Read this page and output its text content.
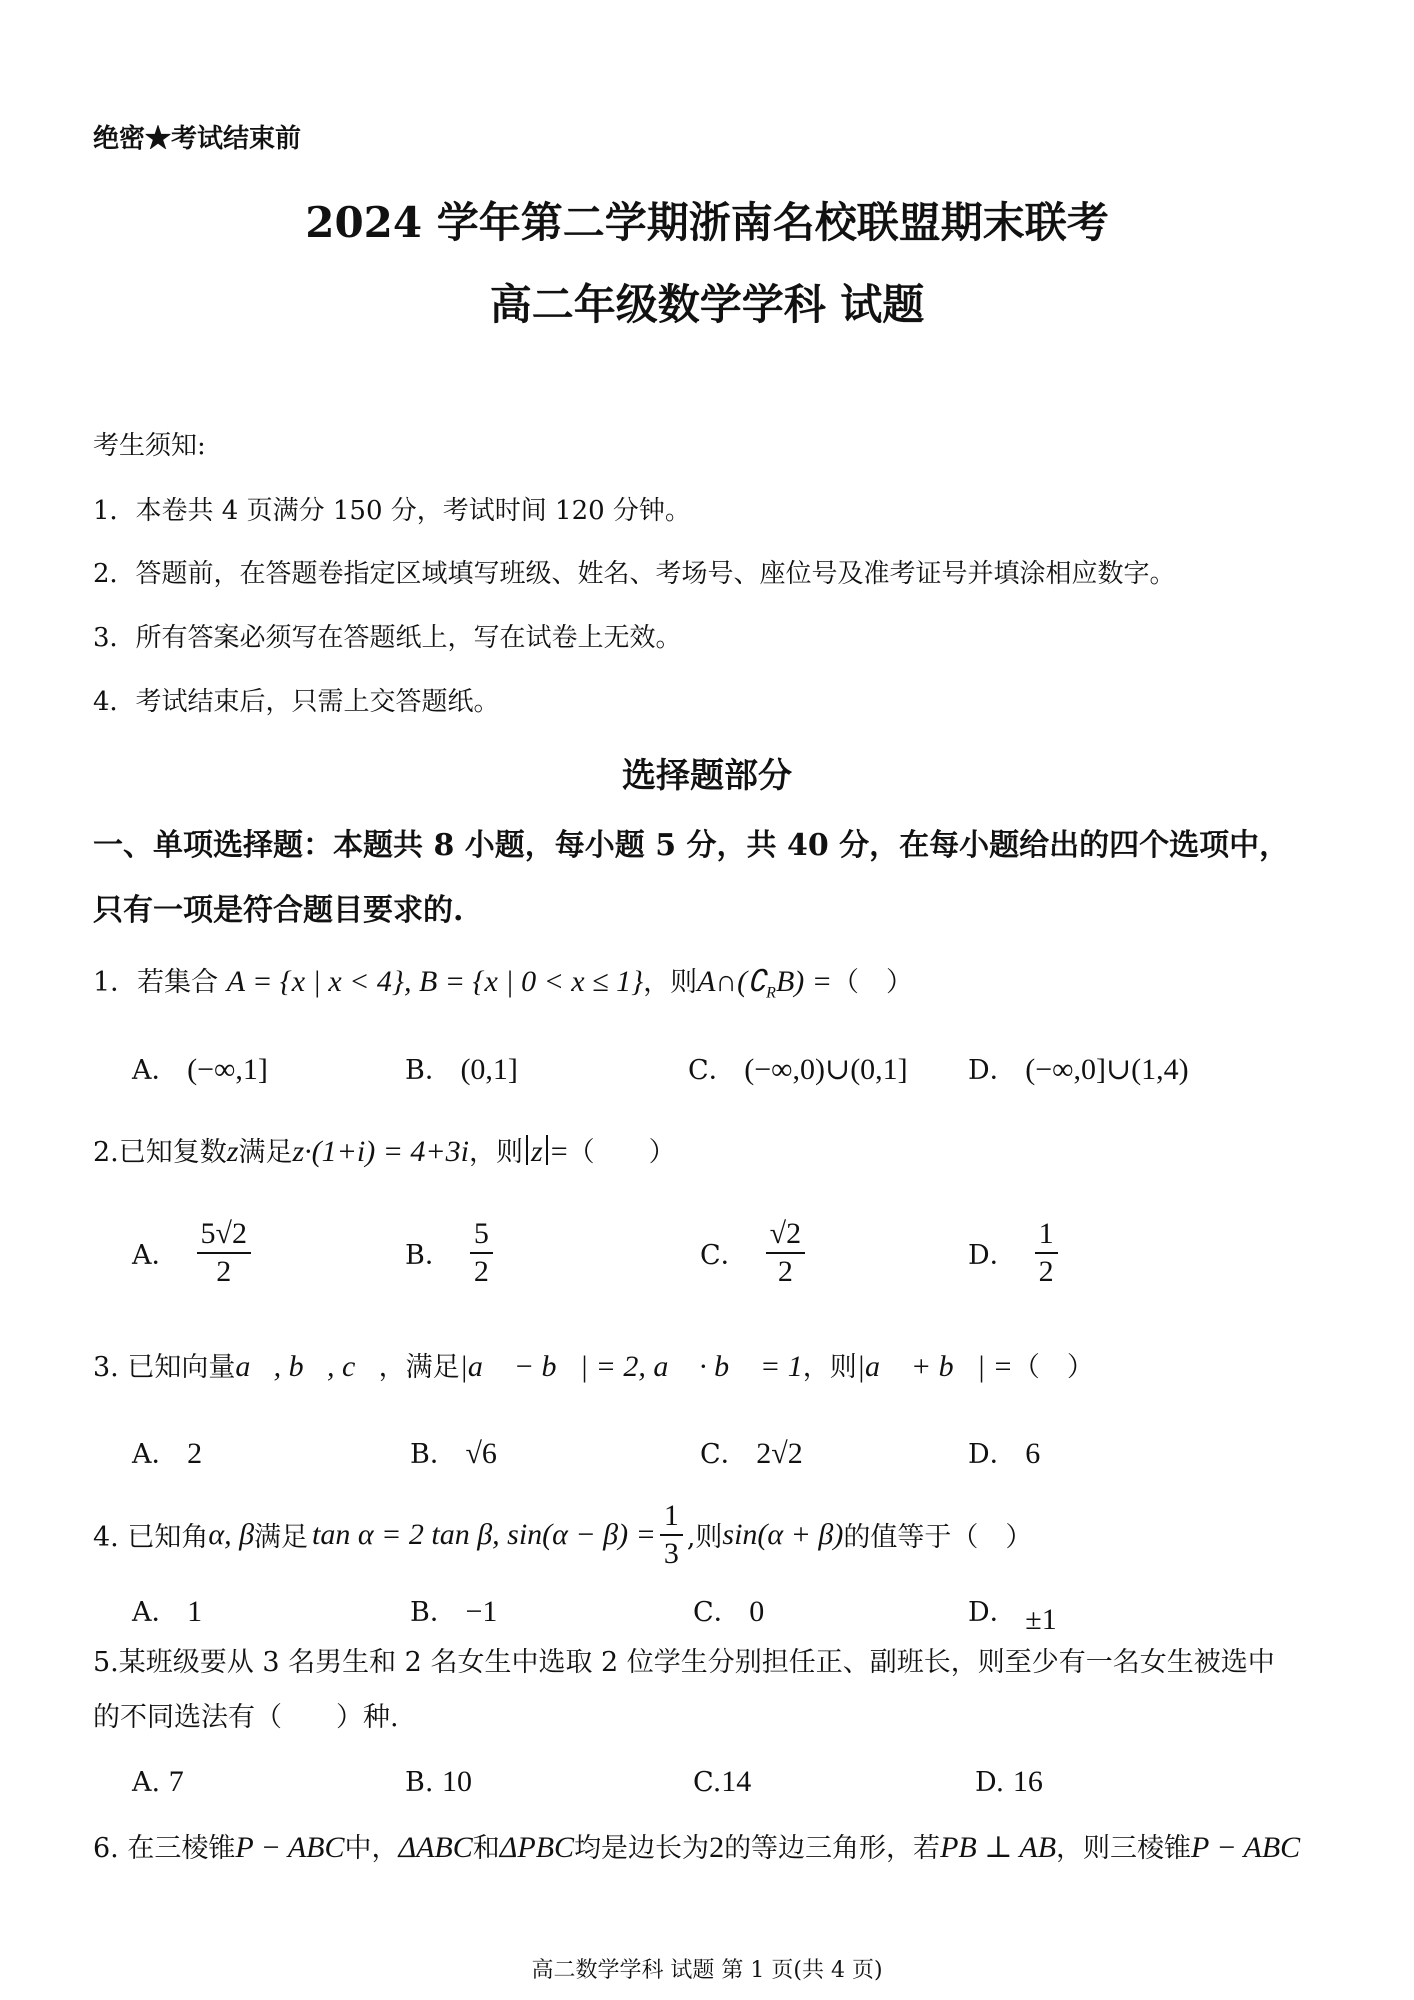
绝密★考试结束前
2024 学年第二学期浙南名校联盟期末联考
高二年级数学学科 试题
考生须知:
1．本卷共 4 页满分 150 分，考试时间 120 分钟。
2．答题前，在答题卷指定区域填写班级、姓名、考场号、座位号及准考证号并填涂相应数字。
3．所有答案必须写在答题纸上，写在试卷上无效。
4．考试结束后，只需上交答题纸。
选择题部分
一、单项选择题：本题共 8 小题，每小题 5 分，共 40 分，在每小题给出的四个选项中，
只有一项是符合题目要求的.
1．若集合 A = {x | x < 4}, B = {x | 0 < x ≤ 1}，则$A\cap(∁_RB)$ =（　）
A． (−∞,1]	B． (0,1]	C． (−∞,0)∪(0,1] D． (−∞,0]∪(1,4)
2.已知复数z满足z·(1+i) = 4+3i，则 z =（　　）
A． $\frac{5√2}{2}$	B． $\frac{5}{2}$	C． $\frac{√2}{2}$	D． $\frac{1}{2}$
3. 已知向量a⃗, b⃗, c⃗，满足|a⃗ − b⃗| = 2, a⃗ · b⃗ = 1，则|a⃗ + b⃗| =（　）
A． 2	B． √6	C． 2√2	D． 6
4. 已知角 α, β 满足 tan α = 2 tan β, $\sin(\alpha - \beta) = \frac{1}{3}$ ,则 sin(α + β) 的值等于（　）
A． 1	B． −1	C． 0	D． ±1
5.某班级要从 3 名男生和 2 名女生中选取 2 位学生分别担任正、副班长，则至少有一名女生被选中
的不同选法有（　　）种.
A. 7	B. 10	C.14	D. 16
6. 在三棱锥P − ABC中，ΔABC和ΔPBC均是边长为2的等边三角形，若PB ⊥ AB，则三棱锥P − ABC
高二数学学科 试题 第 1 页(共 4 页)
